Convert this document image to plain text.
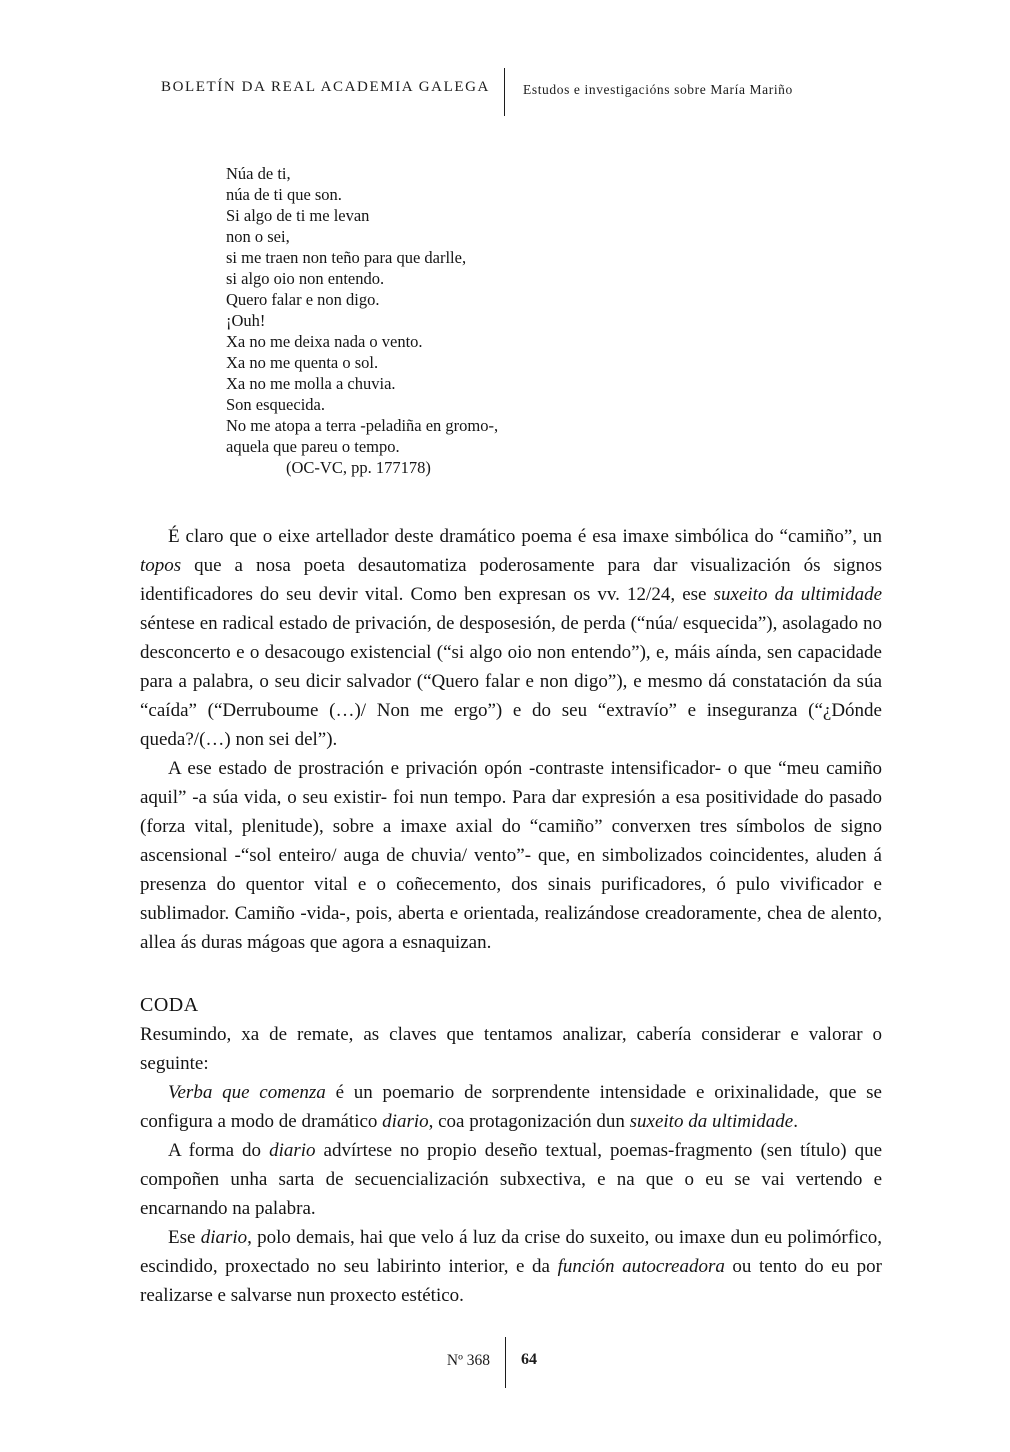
BOLETÍN DA REAL ACADEMIA GALEGA Estudos e investigacións sobre María Mariño
Núa de ti,
núa de ti que son.
Si algo de ti me levan
non o sei,
si me traen non teño para que darlle,
si algo oio non entendo.
Quero falar e non digo.
¡Ouh!
Xa no me deixa nada o vento.
Xa no me quenta o sol.
Xa no me molla a chuvia.
Son esquecida.
No me atopa a terra -peladiña en gromo-,
aquela que pareu o tempo.
(OC-VC, pp. 177178)

É claro que o eixe artellador deste dramático poema é esa imaxe simbólica do “camiño”, un topos que a nosa poeta desautomatiza poderosamente para dar visualización ós signos identificadores do seu devir vital. Como ben expresan os vv. 12/24, ese suxeito da ultimidade séntese en radical estado de privación, de desposesión, de perda (“núa/ esquecida”), asolagado no desconcerto e o desacougo existencial (“si algo oio non entendo”), e, máis aínda, sen capacidade para a palabra, o seu dicir salvador (“Quero falar e non digo”), e mesmo dá constatación da súa “caída” (“Derruboume (…)/ Non me ergo”) e do seu “extravío” e inseguranza (“¿Dónde queda?/(…) non sei del”).

A ese estado de prostración e privación opón -contraste intensificador- o que “meu camiño aquil” -a súa vida, o seu existir- foi nun tempo. Para dar expresión a esa positividade do pasado (forza vital, plenitude), sobre a imaxe axial do “camiño” converxen tres símbolos de signo ascensional -“sol enteiro/ auga de chuvia/ vento”- que, en simbolizados coincidentes, aluden á presenza do quentor vital e o coñecemento, dos sinais purificadores, ó pulo vivificador e sublimador. Camiño -vida-, pois, aberta e orientada, realizándose creadoramente, chea de alento, allea ás duras mágoas que agora a esnaquizan.

CODA

Resumindo, xa de remate, as claves que tentamos analizar, cabería considerar e valorar o seguinte:

Verba que comenza é un poemario de sorprendente intensidade e orixinalidade, que se configura a modo de dramático diario, coa protagonización dun suxeito da ultimidade.

A forma do diario advírtese no propio deseño textual, poemas-fragmento (sen título) que compoñen unha sarta de secuencialización subxectiva, e na que o eu se vai vertendo e encarnando na palabra.

Ese diario, polo demais, hai que velo á luz da crise do suxeito, ou imaxe dun eu polimórfico, escindido, proxectado no seu labirinto interior, e da función autocreadora ou tento do eu por realizarse e salvarse nun proxecto estético.

Nº 368 64
